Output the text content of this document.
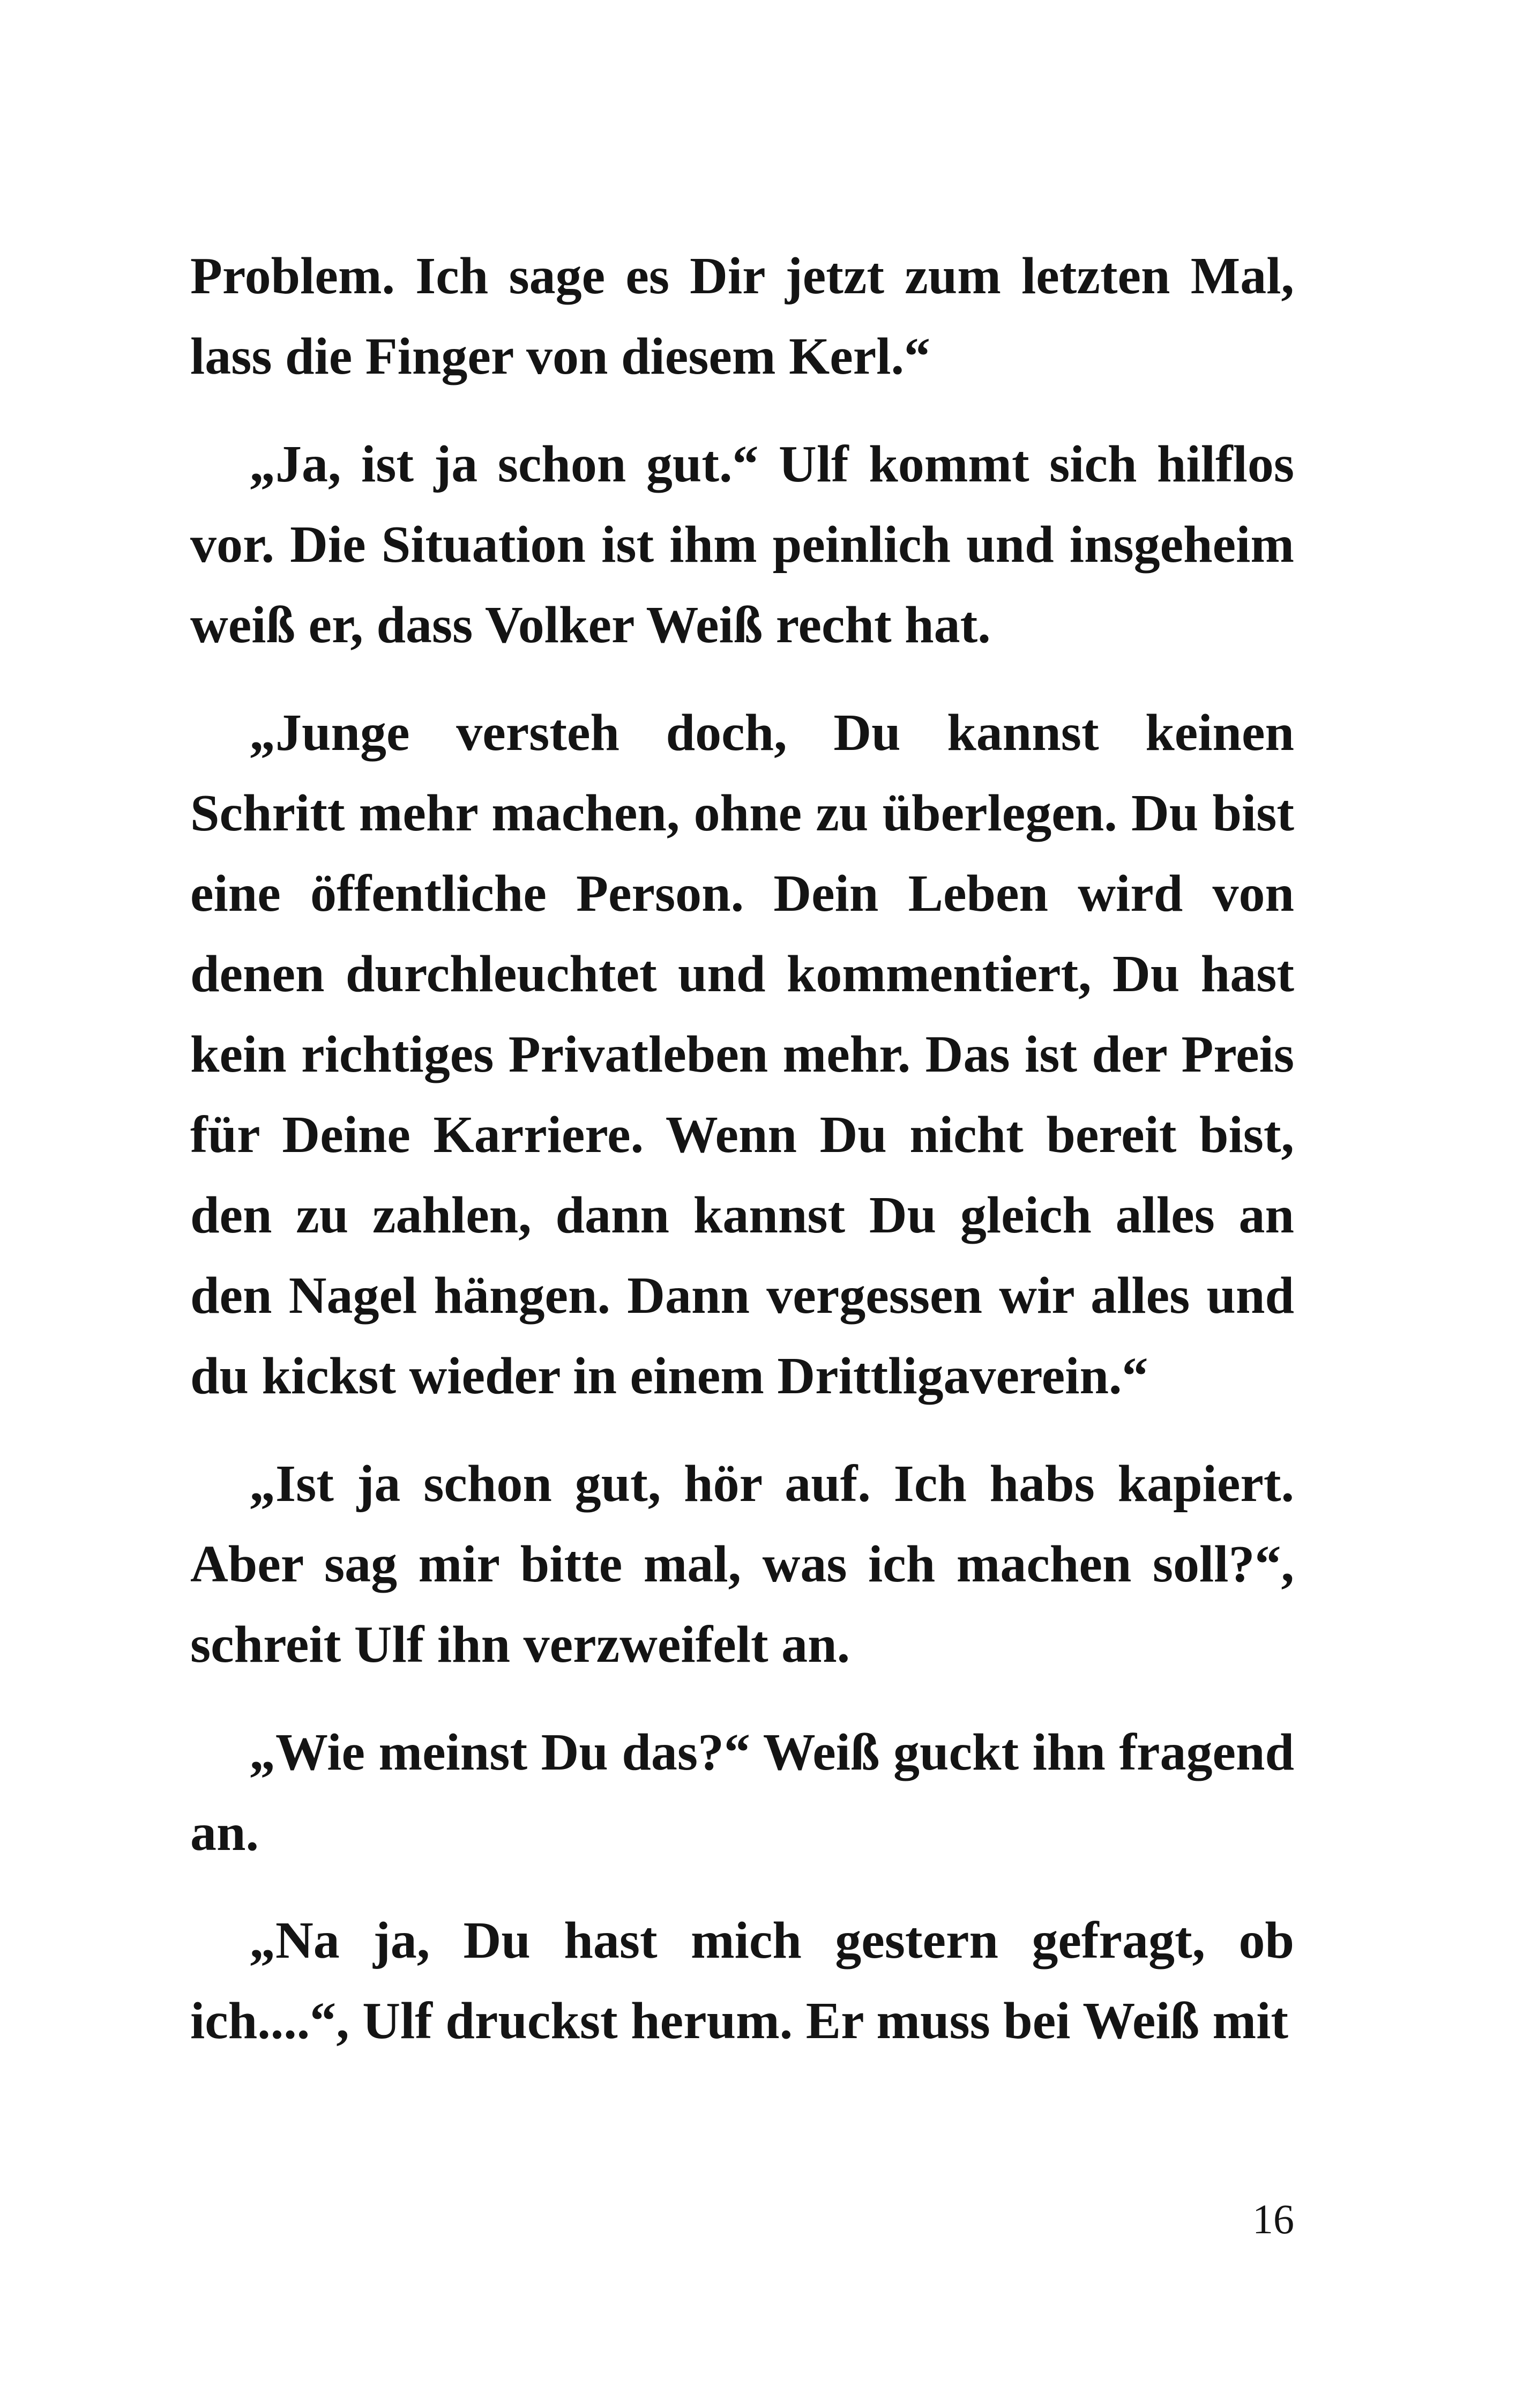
Problem. Ich sage es Dir jetzt zum letzten Mal, lass die Finger von diesem Kerl.“

„Ja, ist ja schon gut.“ Ulf kommt sich hilflos vor. Die Situation ist ihm peinlich und insgeheim weiß er, dass Volker Weiß recht hat.

„Junge versteh doch, Du kannst keinen Schritt mehr machen, ohne zu überlegen. Du bist eine öffentliche Person. Dein Leben wird von denen durchleuchtet und kommentiert, Du hast kein richtiges Privatleben mehr. Das ist der Preis für Deine Karriere. Wenn Du nicht bereit bist, den zu zahlen, dann kannst Du gleich alles an den Nagel hängen. Dann vergessen wir alles und du kickst wieder in einem Drittligaverein.“

„Ist ja schon gut, hör auf. Ich habs kapiert. Aber sag mir bitte mal, was ich machen soll?“, schreit Ulf ihn verzweifelt an.

„Wie meinst Du das?“ Weiß guckt ihn fragend an.

„Na ja, Du hast mich gestern gefragt, ob ich....“, Ulf druckst herum. Er muss bei Weiß mit

16
